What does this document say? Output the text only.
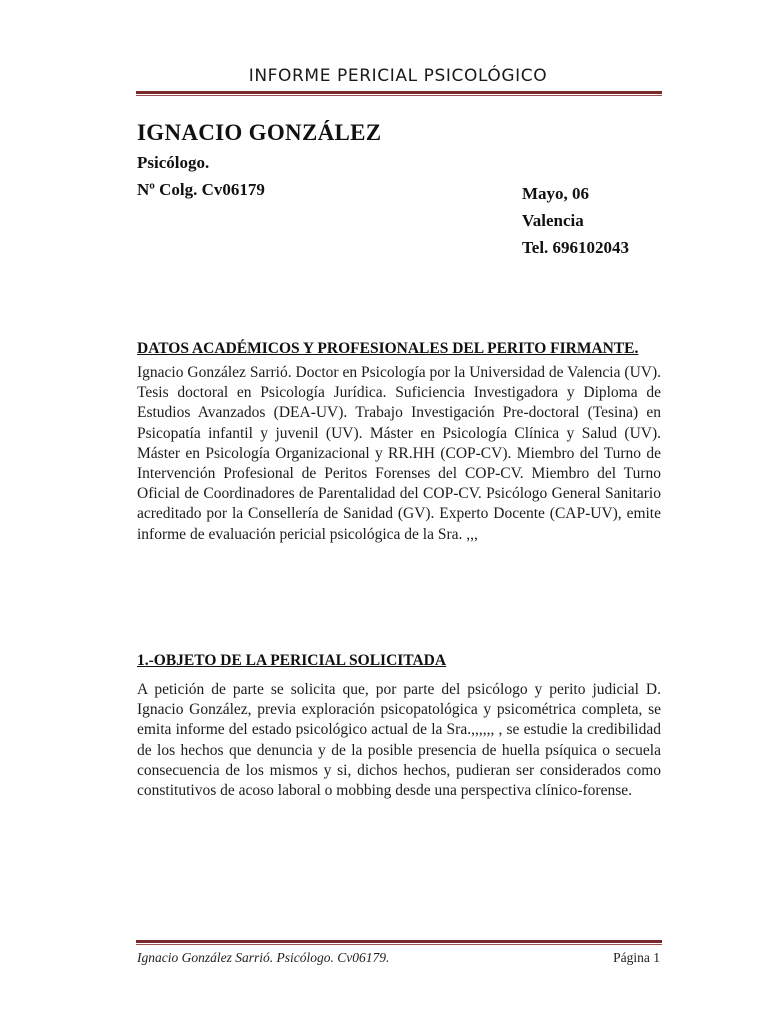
INFORME PERICIAL PSICOLÓGICO
IGNACIO GONZÁLEZ
Psicólogo.
Nº Colg. Cv06179	Mayo, 06
Valencia
Tel. 696102043
DATOS ACADÉMICOS Y PROFESIONALES DEL PERITO FIRMANTE.
Ignacio González Sarrió. Doctor en Psicología por la Universidad de Valencia (UV). Tesis doctoral en Psicología Jurídica. Suficiencia Investigadora y Diploma de Estudios Avanzados (DEA-UV). Trabajo Investigación Pre-doctoral (Tesina) en Psicopatía infantil y juvenil (UV). Máster en Psicología Clínica y Salud (UV). Máster en Psicología Organizacional y RR.HH (COP-CV). Miembro del Turno de Intervención Profesional de Peritos Forenses del COP-CV. Miembro del Turno Oficial de Coordinadores de Parentalidad del COP-CV. Psicólogo General Sanitario acreditado por la Consellería de Sanidad (GV). Experto Docente (CAP-UV), emite informe de evaluación pericial psicológica de la Sra. ,,,
1.-OBJETO DE LA PERICIAL SOLICITADA
A petición de parte se solicita que, por parte del psicólogo y perito judicial D. Ignacio González, previa exploración psicopatológica y psicométrica completa, se emita informe del estado psicológico actual de la Sra.,,,,,, , se estudie la credibilidad de los hechos que denuncia y de la posible presencia de huella psíquica o secuela consecuencia de los mismos y si, dichos hechos, pudieran ser considerados como constitutivos de acoso laboral o mobbing desde una perspectiva clínico-forense.
Ignacio González Sarrió. Psicólogo. Cv06179.	Página 1
